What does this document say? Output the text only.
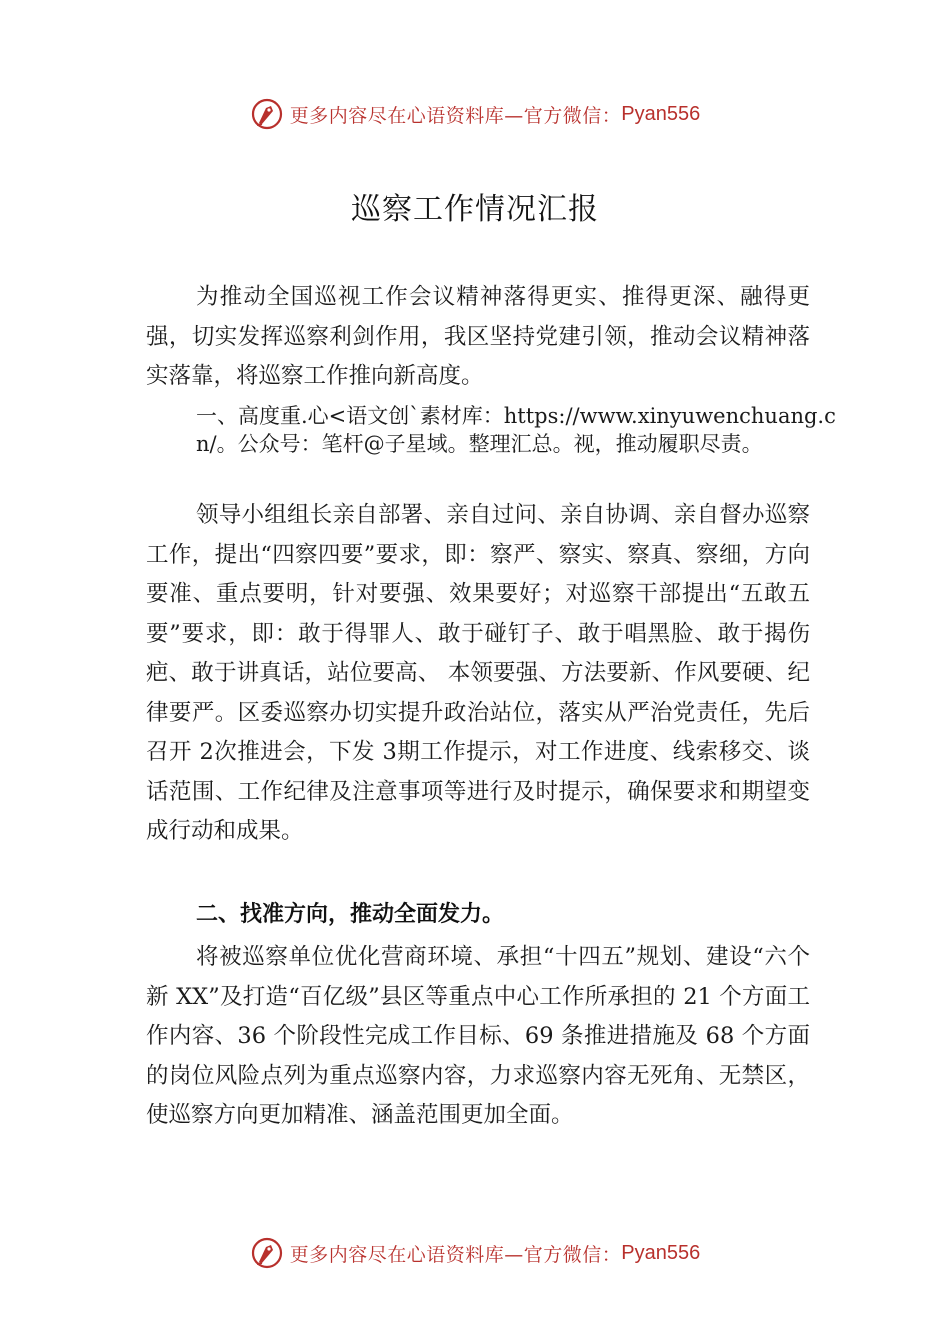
更多内容尽在心语资料库—官方微信： Pyan556
巡察工作情况汇报
为推动全国巡视工作会议精神落得更实、推得更深、融得更强，切实发挥巡察利剑作用，我区坚持党建引领，推动会议精神落实落靠，将巡察工作推向新高度。
一、高度重.心<语文创`素材库：https://www.xinyuwenchuang.cn/。公众号：笔杆@子星域。整理汇总。视，推动履职尽责。
领导小组组长亲自部署、亲自过问、亲自协调、亲自督办巡察工作，提出“四察四要”要求，即：察严、察实、察真、察细，方向要准、重点要明，针对要强、效果要好；对巡察干部提出“五敢五要”要求，即：敢于得罪人、敢于碰钉子、敢于唱黑脸、敢于揭伤疤、敢于讲真话，站位要高、 本领要强、方法要新、作风要硬、纪律要严。区委巡察办切实提升政治站位，落实从严治党责任，先后召开 2次推进会，下发 3期工作提示，对工作进度、线索移交、谈话范围、工作纪律及注意事项等进行及时提示，确保要求和期望变成行动和成果。
二、找准方向，推动全面发力。
将被巡察单位优化营商环境、承担“十四五”规划、建设“六个新 XX”及打造“百亿级”县区等重点中心工作所承担的 21 个方面工作内容、36 个阶段性完成工作目标、69 条推进措施及 68 个方面的岗位风险点列为重点巡察内容，力求巡察内容无死角、无禁区，使巡察方向更加精准、涵盖范围更加全面。
更多内容尽在心语资料库—官方微信： Pyan556
